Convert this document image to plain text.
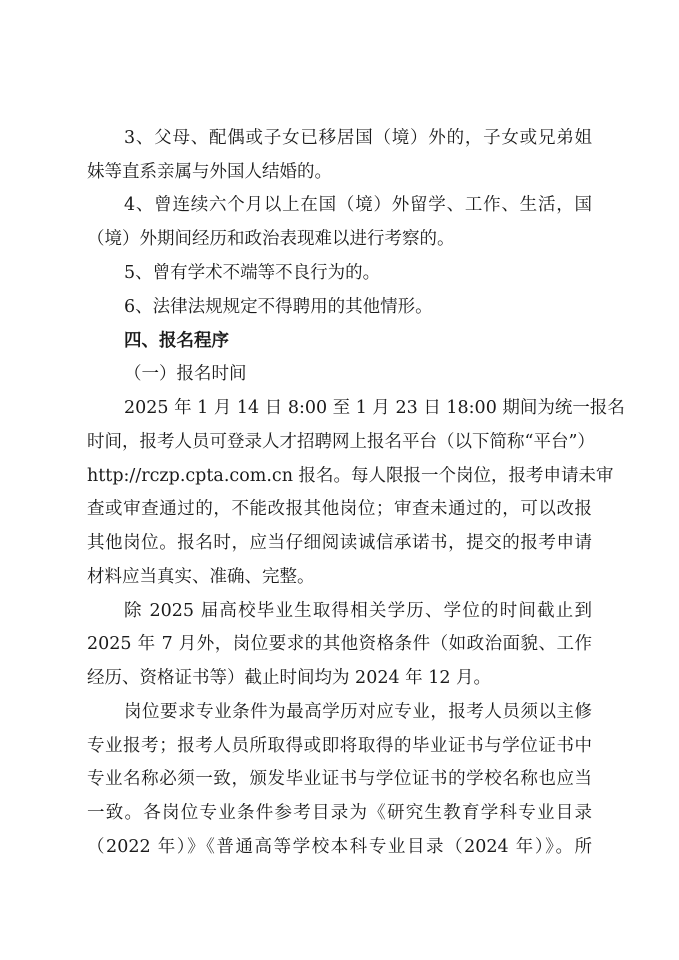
3、父母、配偶或子女已移居国（境）外的，子女或兄弟姐
妹等直系亲属与外国人结婚的。
4、曾连续六个月以上在国（境）外留学、工作、生活，国
（境）外期间经历和政治表现难以进行考察的。
5、曾有学术不端等不良行为的。
6、法律法规规定不得聘用的其他情形。
四、报名程序
（一）报名时间
2025 年 1 月 14 日 8:00 至 1 月 23 日 18:00 期间为统一报名
时间，报考人员可登录人才招聘网上报名平台（以下简称“平台”）
http://rczp.cpta.com.cn 报名。每人限报一个岗位，报考申请未审
查或审查通过的，不能改报其他岗位；审查未通过的，可以改报
其他岗位。报名时，应当仔细阅读诚信承诺书，提交的报考申请
材料应当真实、准确、完整。
除 2025 届高校毕业生取得相关学历、学位的时间截止到
2025 年 7 月外，岗位要求的其他资格条件（如政治面貌、工作
经历、资格证书等）截止时间均为 2024 年 12 月。
岗位要求专业条件为最高学历对应专业，报考人员须以主修
专业报考；报考人员所取得或即将取得的毕业证书与学位证书中
专业名称必须一致，颁发毕业证书与学位证书的学校名称也应当
一致。各岗位专业条件参考目录为《研究生教育学科专业目录
（2022 年）》《普通高等学校本科专业目录（2024 年）》。所
